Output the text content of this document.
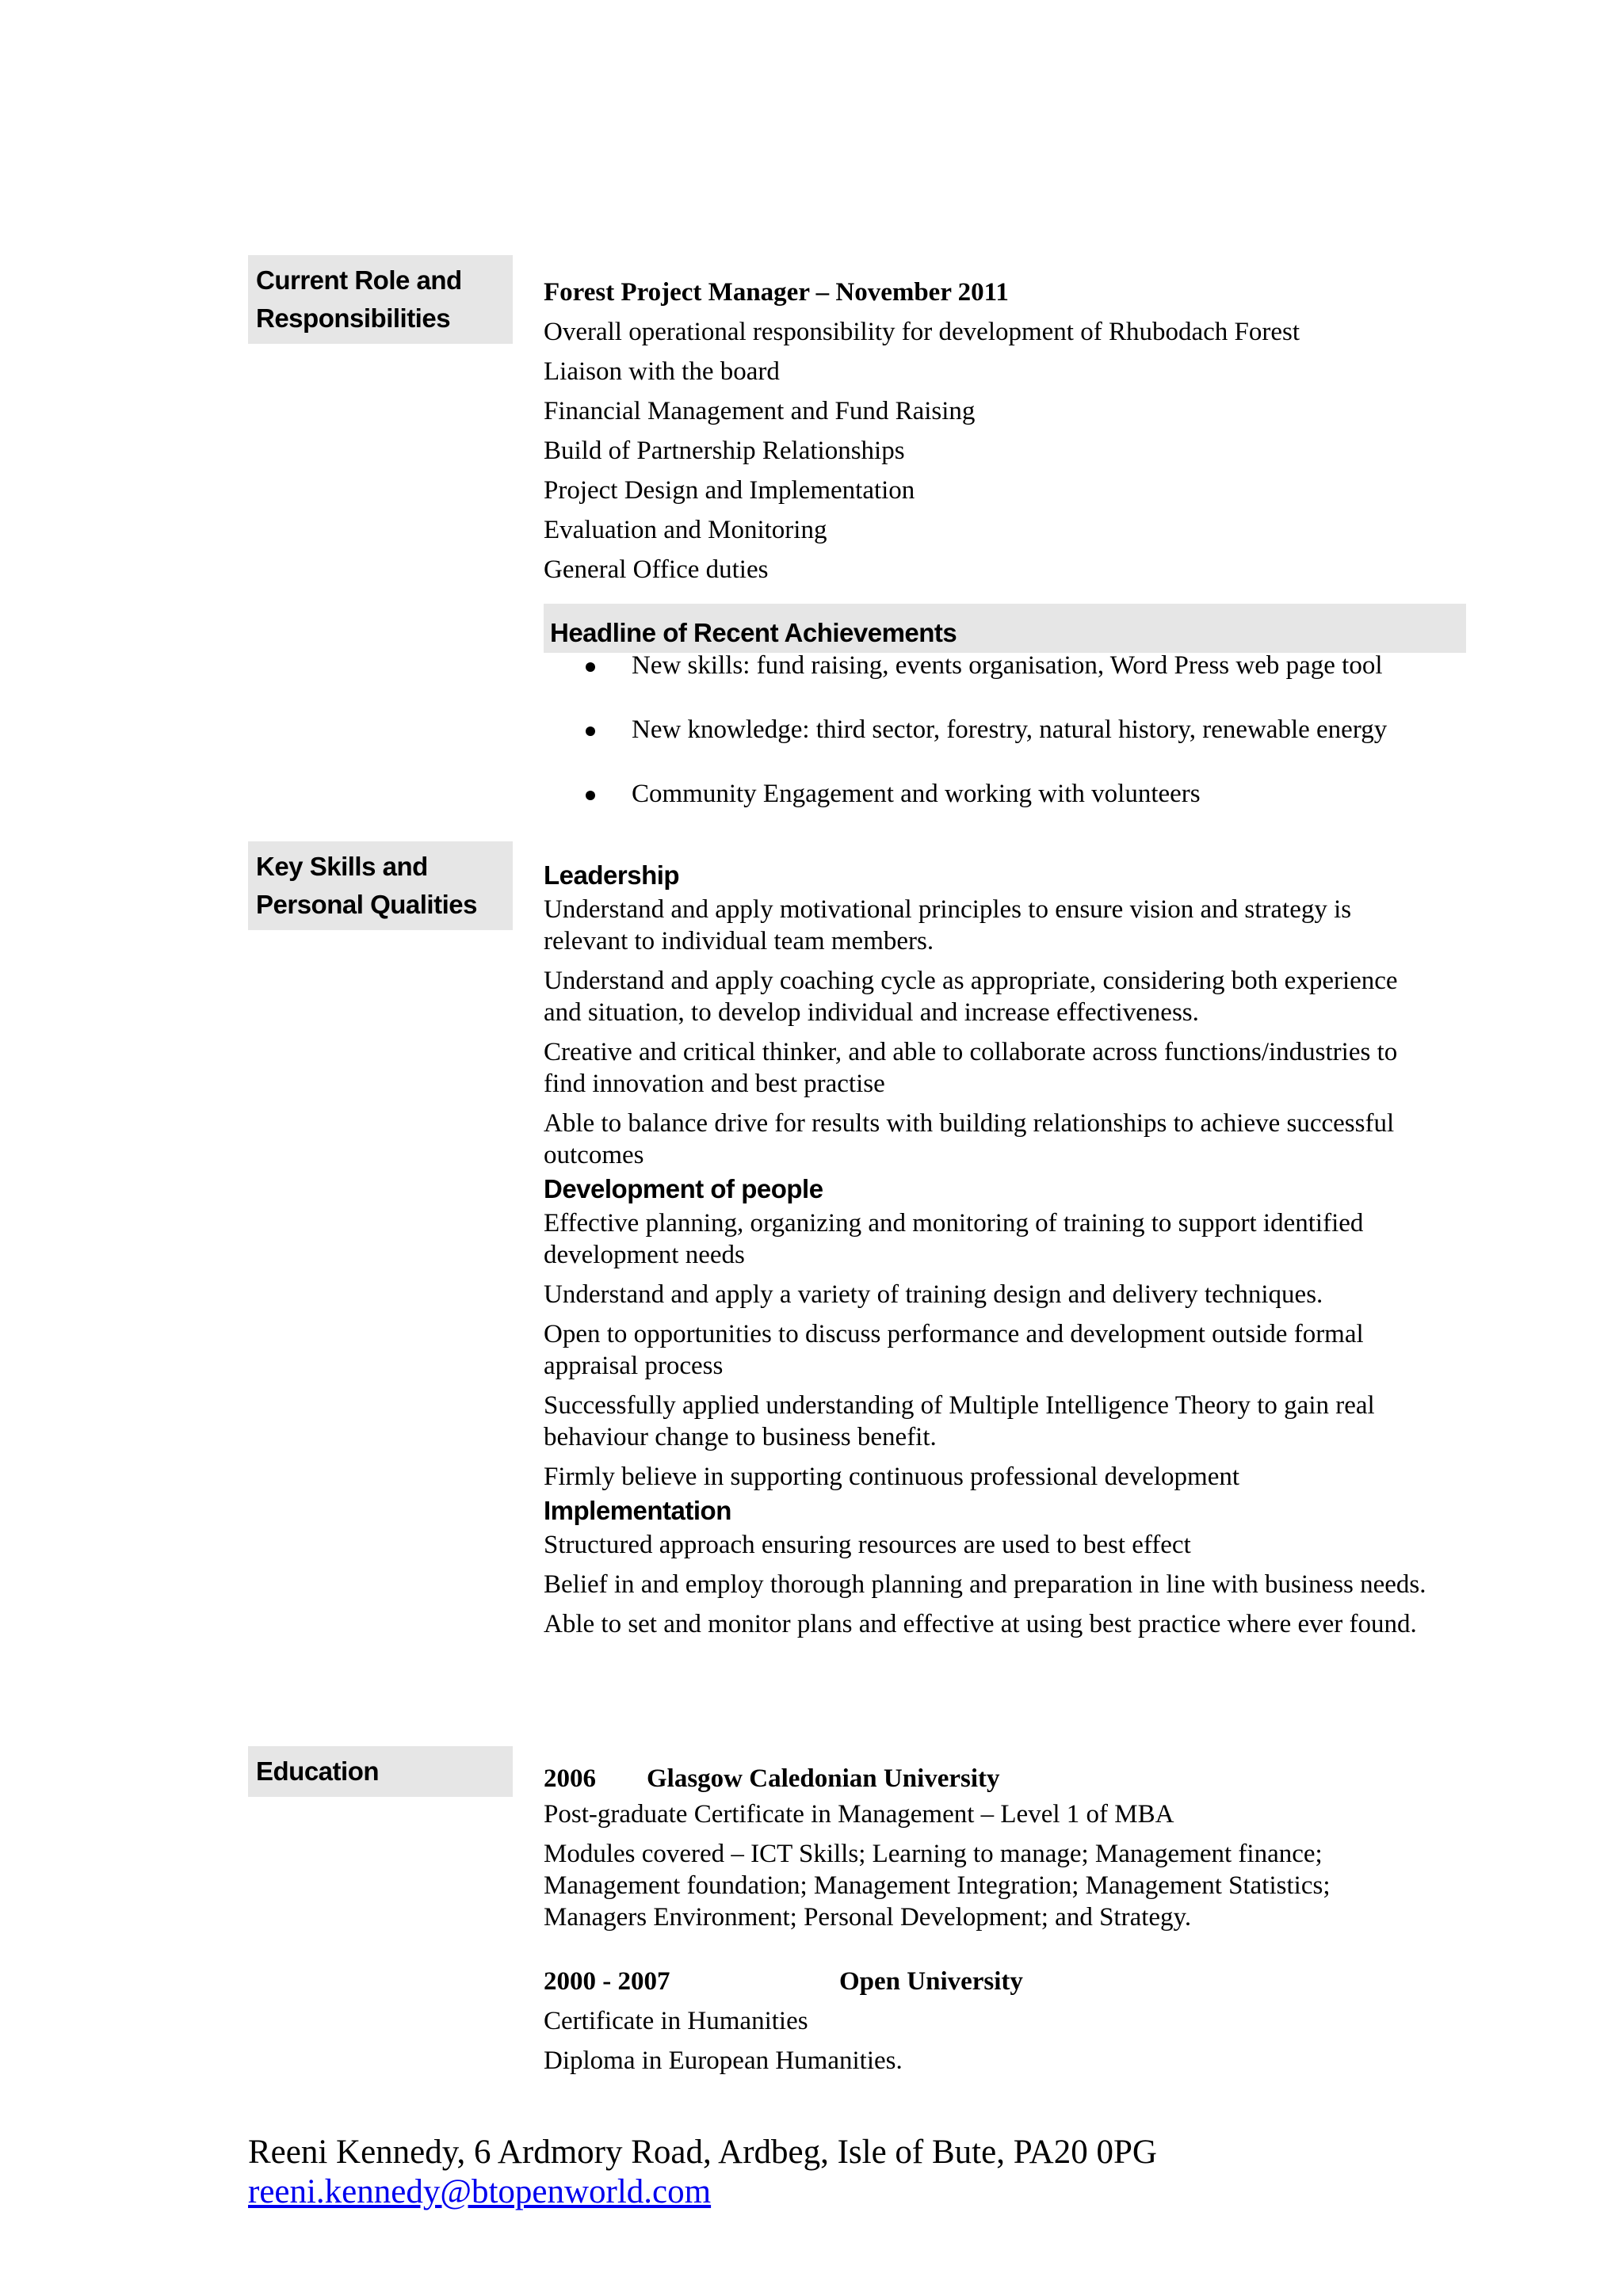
Current Role and
Responsibilities

Forest Project Manager – November 2011

Overall operational responsibility for development of Rhubodach Forest

Liaison with the board

Financial Management and Fund Raising

Build of Partnership Relationships

Project Design and Implementation

Evaluation and Monitoring

General Office duties

Headline of Recent Achievements
New skills: fund raising, events organisation, Word Press web page tool
New knowledge: third sector, forestry, natural history, renewable energy
Community Engagement and working with volunteers
Key Skills and
Personal Qualities
Leadership

Understand and apply motivational principles to ensure vision and strategy is relevant to individual team members.

Understand and apply coaching cycle as appropriate, considering both experience and situation, to develop individual and increase effectiveness.

Creative and critical thinker, and able to collaborate across functions/industries to find innovation and best practise

Able to balance drive for results with building relationships to achieve successful outcomes

Development of people

Effective planning, organizing and monitoring of training to support identified development needs

Understand and apply a variety of training design and delivery techniques.

Open to opportunities to discuss performance and development outside formal appraisal process

Successfully applied understanding of Multiple Intelligence Theory to gain real behaviour change to business benefit.

Firmly believe in supporting continuous professional development

Implementation

Structured approach ensuring resources are used to best effect

Belief in and employ thorough planning and preparation in line with business needs.

Able to set and monitor plans and effective at using best practice where ever found.

Education	2006 Glasgow Caledonian University

Post-graduate Certificate in Management – Level 1 of MBA

Modules covered – ICT Skills; Learning to manage; Management finance; Management foundation; Management Integration; Management Statistics; Managers Environment; Personal Development; and Strategy.

2000 - 2007	Open University

Certificate in Humanities

Diploma in European Humanities.

Reeni Kennedy, 6 Ardmory Road, Ardbeg, Isle of Bute, PA20 0PG
reeni.kennedy@btopenworld.com
